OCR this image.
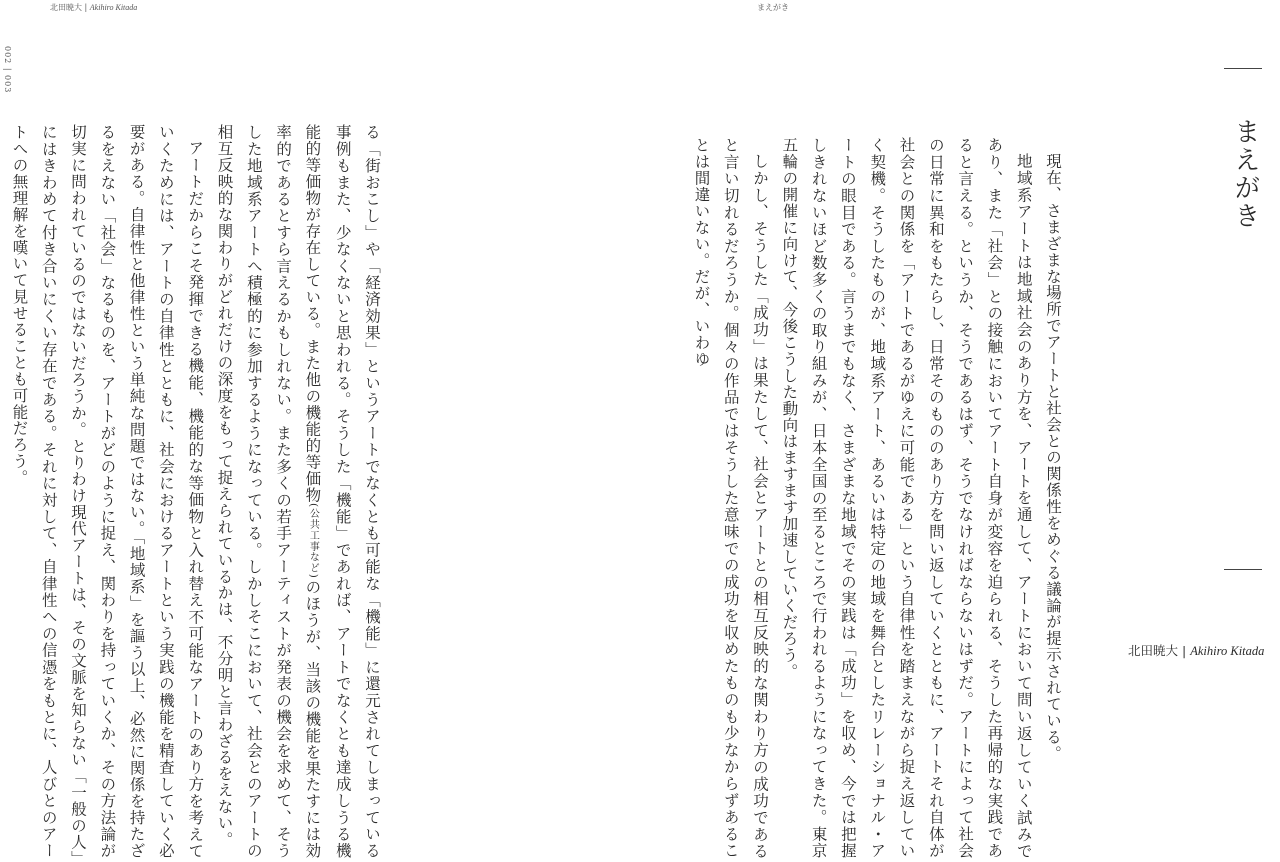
北田暁大 | Akihiro Kitada	まえがき
002 | 003

る「街おこし」や「経済効果」というアートでなくとも可能な「機能」に還元されてしまっている事例もまた、少なくないと思われる。そうした「機能」であれば、アートでなくとも達成しうる機能的等価物が存在している。また他の機能的等価物(公共工事など)のほうが、当該の機能を果たすには効率的であるとすら言えるかもしれない。また多くの若手アーティストが発表の機会を求めて、そうした地域系アートへ積極的に参加するようになっている。しかしそこにおいて、社会とのアートの相互反映的な関わりがどれだけの深度をもって捉えられているかは、不分明と言わざるをえない。

アートだからこそ発揮できる機能、機能的な等価物と入れ替え不可能なアートのあり方を考えていくためには、アートの自律性とともに、社会におけるアートという実践の機能を精査していく必要がある。自律性と他律性という単純な問題ではない。「地域系」を謳う以上、必然に関係を持たざるをえない「社会」なるものを、アートがどのように捉え、関わりを持っていくか、その方法論が切実に問われているのではないだろうか。とりわけ現代アートは、その文脈を知らない「一般の人」にはきわめて付き合いにくい存在である。それに対して、自律性への信憑をもとに、人びとのアートへの無理解を嘆いて見せることも可能だろう。	現在、さまざまな場所でアートと社会との関係性をめぐる議論が提示されている。

地域系アートは地域社会のあり方を、アートを通して、アートにおいて問い返していく試みであり、また「社会」との接触においてアート自身が変容を迫られる、そうした再帰的な実践であると言える。というか、そうであるはず、そうでなければならないはずだ。アートによって社会の日常に異和をもたらし、日常そのもののあり方を問い返していくとともに、アートそれ自体が社会との関係を「アートであるがゆえに可能である」という自律性を踏まえながら捉え返していく契機。そうしたものが、地域系アート、あるいは特定の地域を舞台としたリレーショナル・アートの眼目である。言うまでもなく、さまざまな地域でその実践は「成功」を収め、今では把握しきれないほど数多くの取り組みが、日本全国の至るところで行われるようになってきた。東京五輪の開催に向けて、今後こうした動向はますます加速していくだろう。

しかし、そうした「成功」は果たして、社会とアートとの相互反映的な関わり方の成功であると言い切れるだろうか。個々の作品ではそうした意味での成功を収めたものも少なからずあることは間違いない。だが、いわゆ	まえがき
北田暁大 | Akihiro Kitada
